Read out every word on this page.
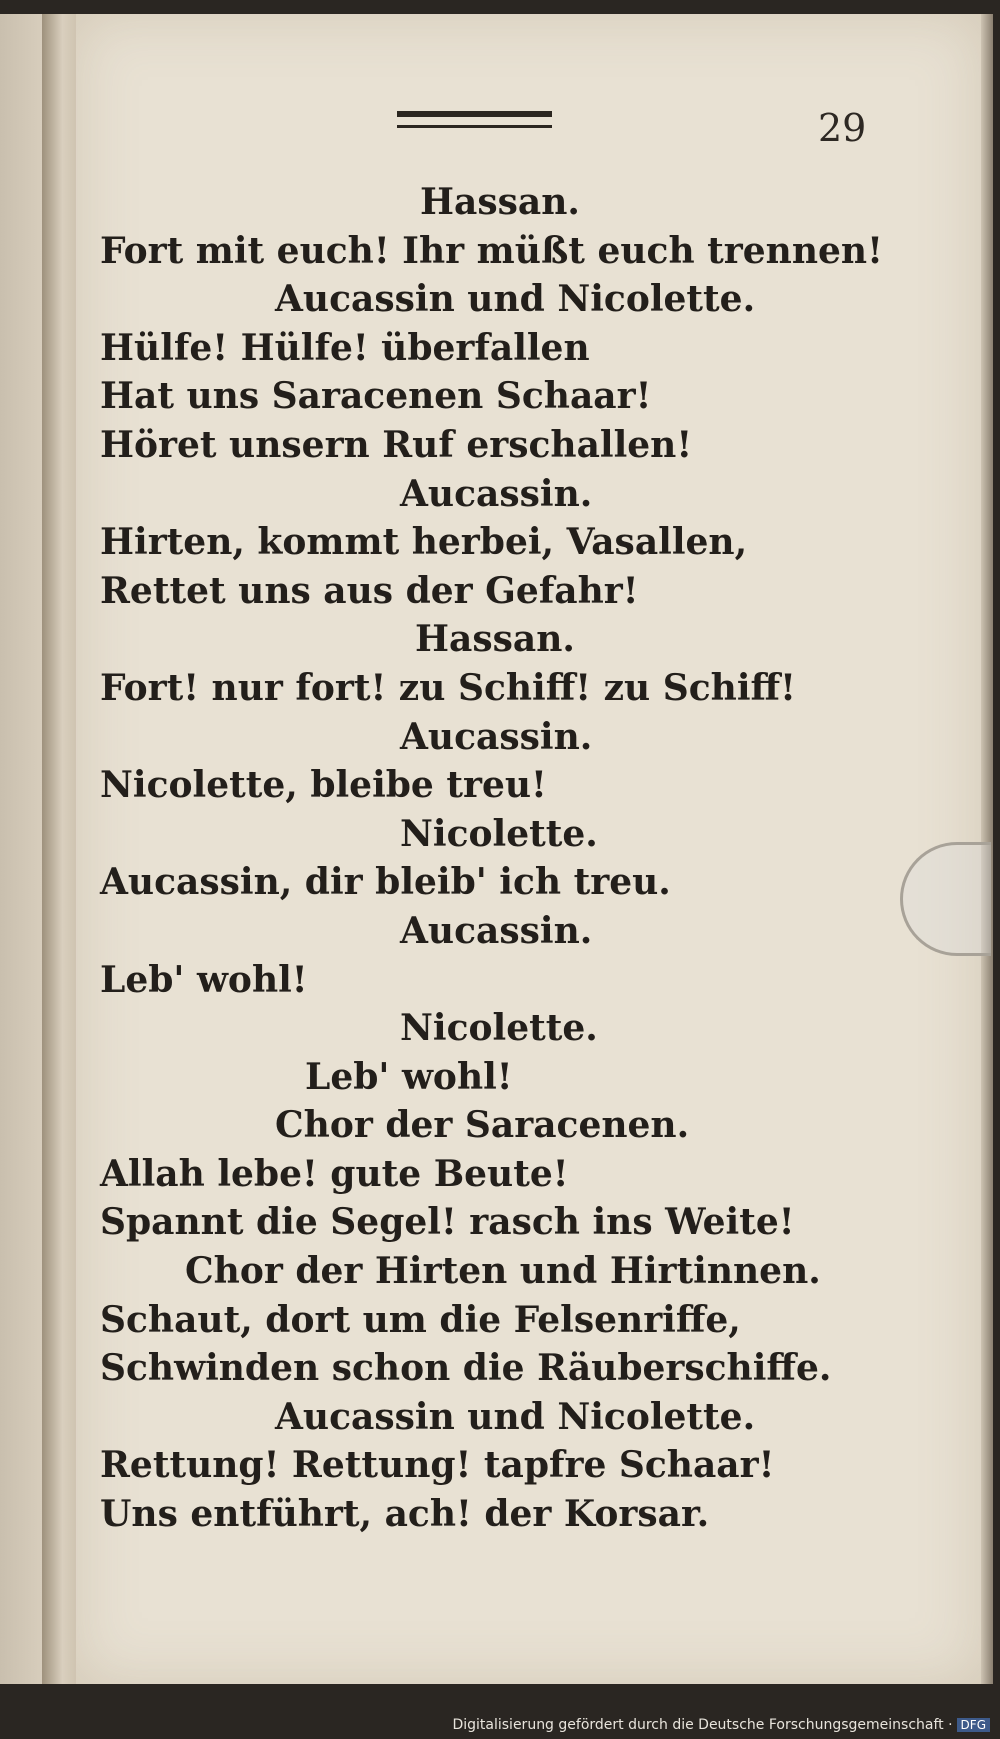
29
Hassan.
Fort mit euch! Ihr müßt euch trennen!
Aucassin und Nicolette.
Hülfe! Hülfe! überfallen
Hat uns Saracenen Schaar!
Höret unsern Ruf erschallen!
Aucassin.
Hirten, kommt herbei, Vasallen,
Rettet uns aus der Gefahr!
Hassan.
Fort! nur fort! zu Schiff! zu Schiff!
Aucassin.
Nicolette, bleibe treu!
Nicolette.
Aucassin, dir bleib' ich treu.
Aucassin.
Leb' wohl!
Nicolette.
Leb' wohl!
Chor der Saracenen.
Allah lebe! gute Beute!
Spannt die Segel! rasch ins Weite!
Chor der Hirten und Hirtinnen.
Schaut, dort um die Felsenriffe,
Schwinden schon die Räuberschiffe.
Aucassin und Nicolette.
Rettung! Rettung! tapfre Schaar!
Uns entführt, ach! der Korsar.
Digitalisierung gefördert durch die Deutsche Forschungsgemeinschaft · DFG
